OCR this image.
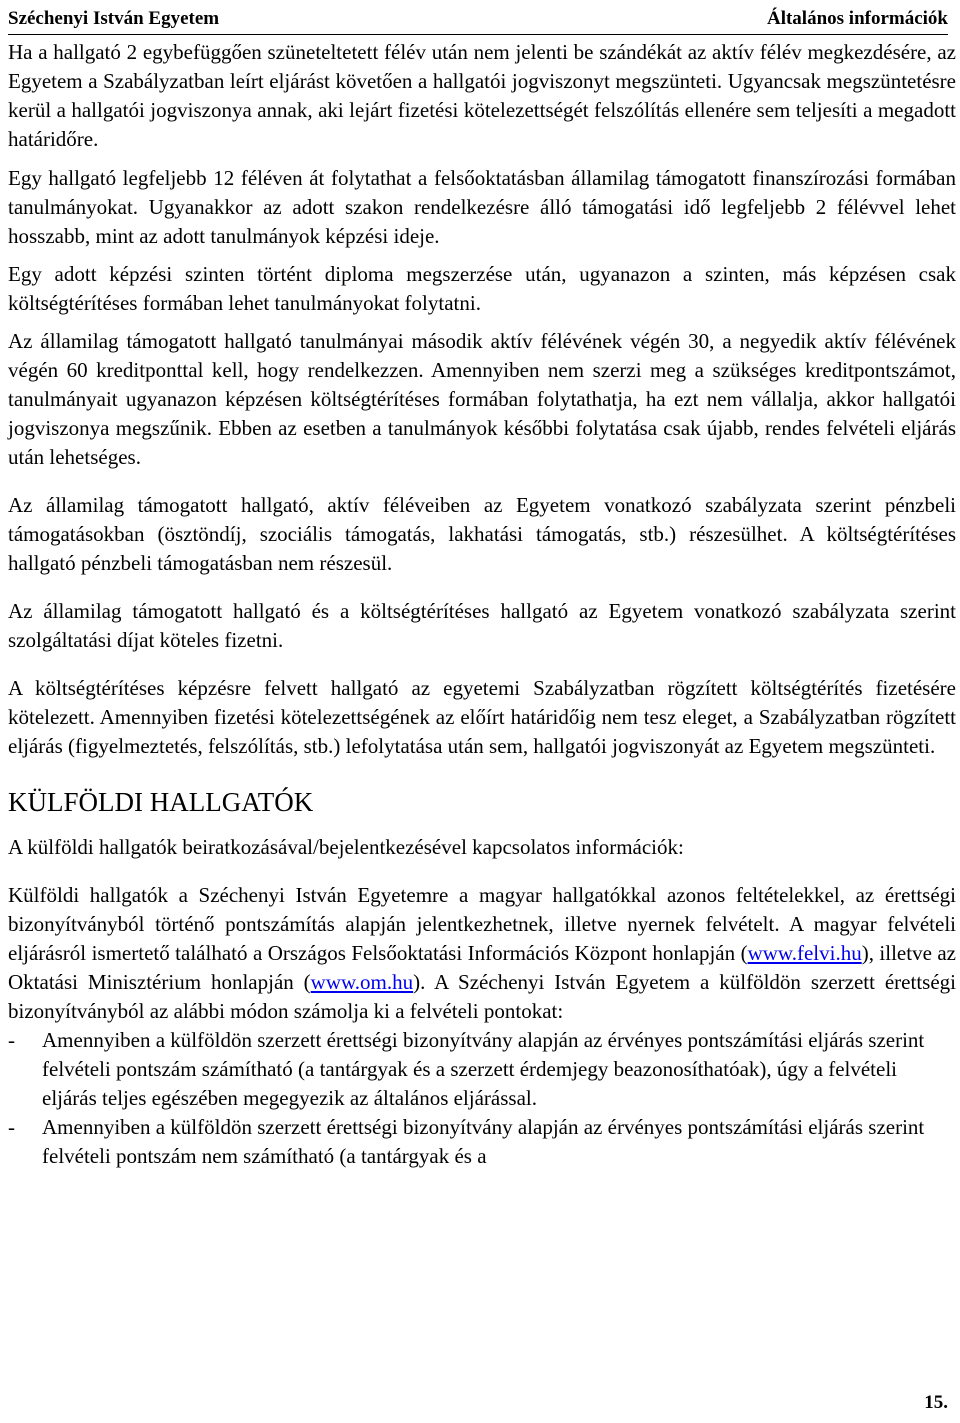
Széchenyi István Egyetem	Általános információk

Ha a hallgató 2 egybefüggően szüneteltetett félév után nem jelenti be szándékát az aktív félév megkezdésére, az Egyetem a Szabályzatban leírt eljárást követően a hallgatói jogviszonyt megszünteti. Ugyancsak megszüntetésre kerül a hallgatói jogviszonya annak, aki lejárt fizetési kötelezettségét felszólítás ellenére sem teljesíti a megadott határidőre.

Egy hallgató legfeljebb 12 féléven át folytathat a felsőoktatásban államilag támogatott finanszírozási formában tanulmányokat. Ugyanakkor az adott szakon rendelkezésre álló támogatási idő legfeljebb 2 félévvel lehet hosszabb, mint az adott tanulmányok képzési ideje.

Egy adott képzési szinten történt diploma megszerzése után, ugyanazon a szinten, más képzésen csak költségtérítéses formában lehet tanulmányokat folytatni.

Az államilag támogatott hallgató tanulmányai második aktív félévének végén 30, a negyedik aktív félévének végén 60 kreditponttal kell, hogy rendelkezzen. Amennyiben nem szerzi meg a szükséges kreditpontszámot, tanulmányait ugyanazon képzésen költségtérítéses formában folytathatja, ha ezt nem vállalja, akkor hallgatói jogviszonya megszűnik. Ebben az esetben a tanulmányok későbbi folytatása csak újabb, rendes felvételi eljárás után lehetséges.

Az államilag támogatott hallgató, aktív féléveiben az Egyetem vonatkozó szabályzata szerint pénzbeli támogatásokban (ösztöndíj, szociális támogatás, lakhatási támogatás, stb.) részesülhet. A költségtérítéses hallgató pénzbeli támogatásban nem részesül.

Az államilag támogatott hallgató és a költségtérítéses hallgató az Egyetem vonatkozó szabályzata szerint szolgáltatási díjat köteles fizetni.

A költségtérítéses képzésre felvett hallgató az egyetemi Szabályzatban rögzített költségtérítés fizetésére kötelezett. Amennyiben fizetési kötelezettségének az előírt határidőig nem tesz eleget, a Szabályzatban rögzített eljárás (figyelmeztetés, felszólítás, stb.) lefolytatása után sem, hallgatói jogviszonyát az Egyetem megszünteti.

KÜLFÖLDI HALLGATÓK

A külföldi hallgatók beiratkozásával/bejelentkezésével kapcsolatos információk:

Külföldi hallgatók a Széchenyi István Egyetemre a magyar hallgatókkal azonos feltételekkel, az érettségi bizonyítványból történő pontszámítás alapján jelentkezhetnek, illetve nyernek felvételt. A magyar felvételi eljárásról ismertető található a Országos Felsőoktatási Információs Központ honlapján (www.felvi.hu), illetve az Oktatási Minisztérium honlapján (www.om.hu). A Széchenyi István Egyetem a külföldön szerzett érettségi bizonyítványból az alábbi módon számolja ki a felvételi pontokat:

- Amennyiben a külföldön szerzett érettségi bizonyítvány alapján az érvényes pontszámítási eljárás szerint felvételi pontszám számítható (a tantárgyak és a szerzett érdemjegy beazonosíthatóak), úgy a felvételi eljárás teljes egészében megegyezik az általános eljárással.
- Amennyiben a külföldön szerzett érettségi bizonyítvány alapján az érvényes pontszámítási eljárás szerint felvételi pontszám nem számítható (a tantárgyak és a
15.
